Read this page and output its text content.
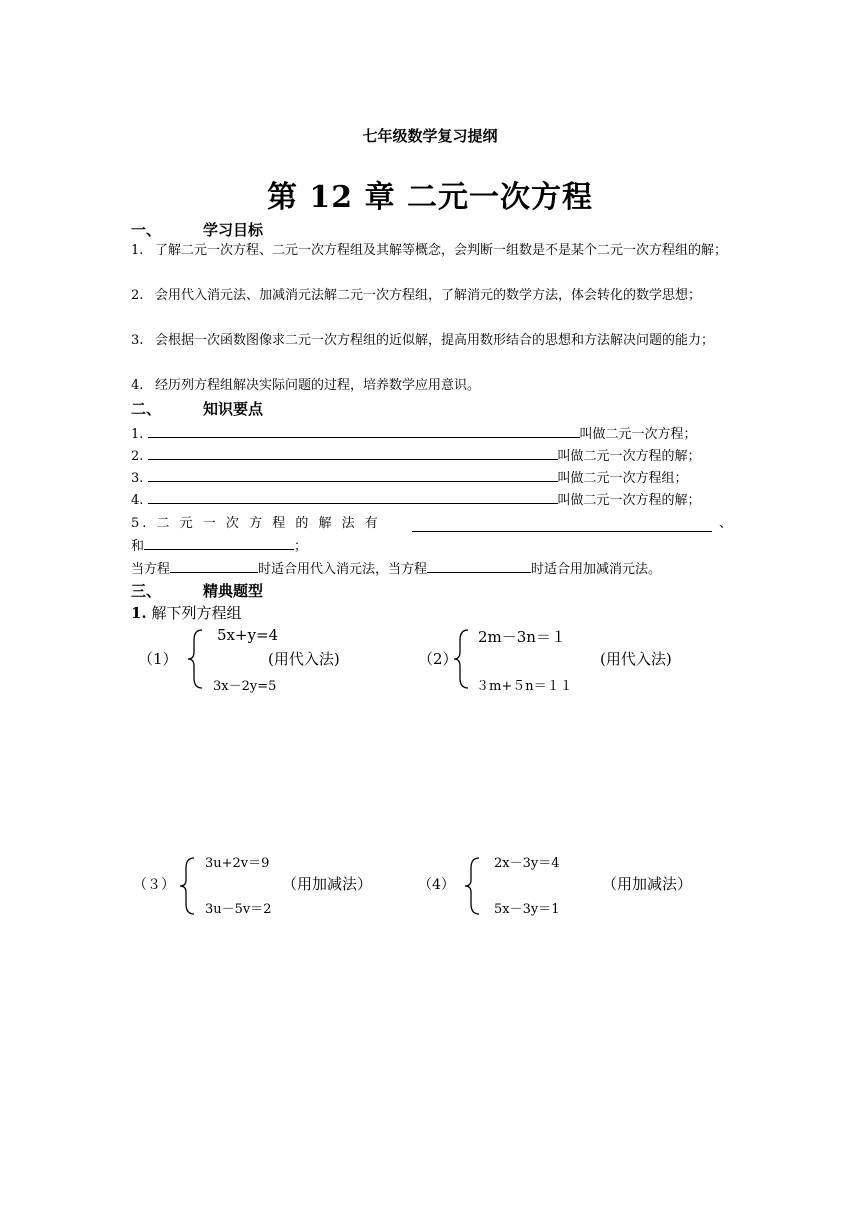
七年级数学复习提纲
第 12 章 二元一次方程
一、	学习目标
1. 了解二元一次方程、二元一次方程组及其解等概念，会判断一组数是不是某个二元一次方程组的解；
2. 会用代入消元法、加减消元法解二元一次方程组，了解消元的数学方法，体会转化的数学思想；
3. 会根据一次函数图像求二元一次方程组的近似解，提高用数形结合的思想和方法解决问题的能力；
4. 经历列方程组解决实际问题的过程，培养数学应用意识。
二、	知识要点
1.	叫做二元一次方程；
2.	叫做二元一次方程的解；
3.	叫做二元一次方程组；
4.	叫做二元一次方程的解；
5. 二 元 一 次 方 程 的 解 法 有	、
和	；
当方程	时适合用代入消元法，当方程	时适合用加减消元法。
三、	精典题型
1. 解下列方程组
（1）
5x+y=4
3x－2y=5
(用代入法)	（2）
2m－3n＝１
３m+５n＝１１
(用代入法)
（３）
3u+2v＝9
3u－5v＝2
（用加减法）	（4）
2x－3y＝4
5x－3y＝1
（用加减法）
